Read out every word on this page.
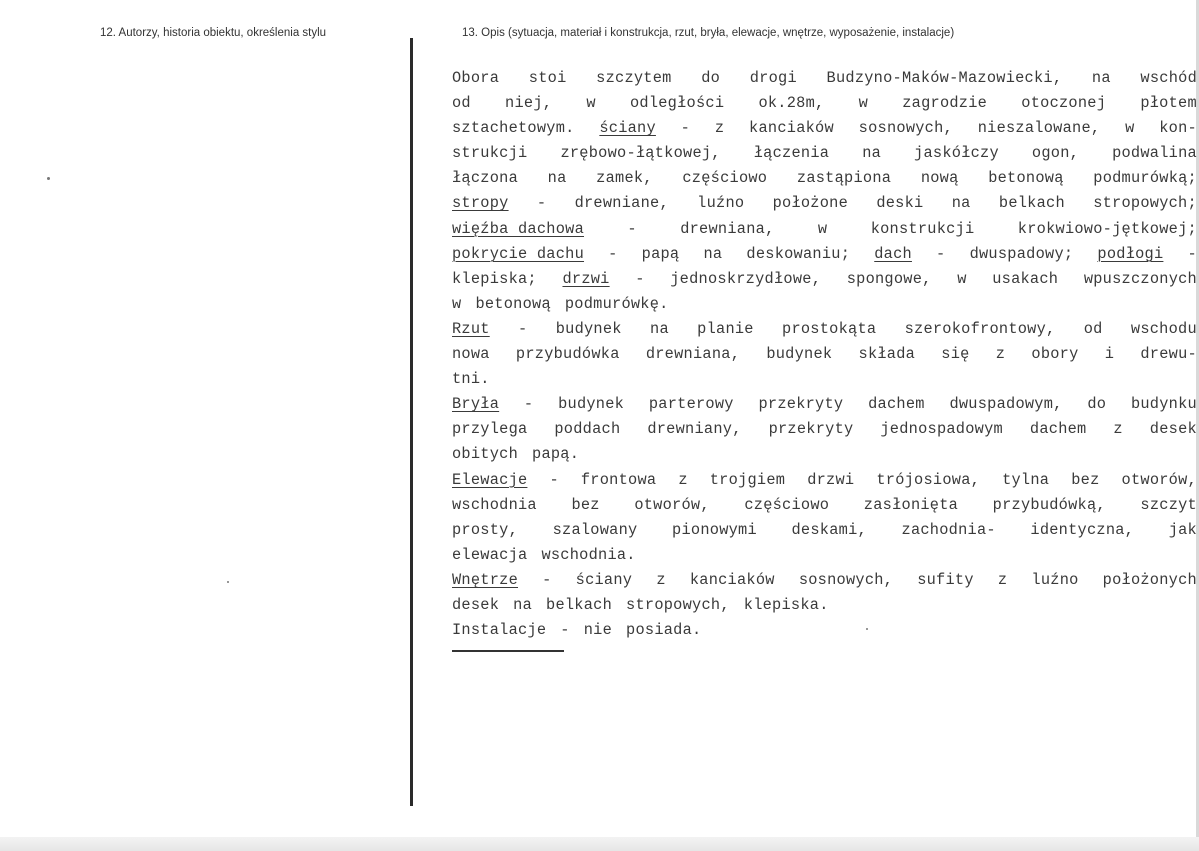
12. Autorzy, historia obiektu, określenia stylu	13. Opis (sytuacja, materiał i konstrukcja, rzut, bryła, elewacje, wnętrze, wyposażenie, instalacje)
Obora stoi szczytem do drogi Budzyno-Maków-Mazowiecki, na wschód
od niej, w odległości ok.28m, w zagrodzie otoczonej płotem
sztachetowym. ściany - z kanciaków sosnowych, nieszalowane, w kon-
strukcji zrębowo-łątkowej, łączenia na jaskółczy ogon, podwalina
łączona na zamek, częściowo zastąpiona nową betonową podmurówką;
stropy - drewniane, luźno położone deski na belkach stropowych;
więźba dachowa	-	drewniana,	w	konstrukcji	krokwiowo-jętkowej;
pokrycie dachu - papą na deskowaniu; dach - dwuspadowy; podłogi -
klepiska; drzwi - jednoskrzydłowe, spongowe, w usakach wpuszczonych
w betonową podmurówkę.
Rzut - budynek na planie prostokąta szerokofrontowy, od wschodu
nowa przybudówka drewniana, budynek składa się z obory i drewu-
tni.
Bryła - budynek parterowy przekryty dachem dwuspadowym, do budynku
przylega poddach drewniany, przekryty jednospadowym dachem z desek
obitych papą.
Elewacje - frontowa z trojgiem drzwi trójosiowa, tylna bez otworów,
wschodnia bez otworów, częściowo zasłonięta przybudówką, szczyt
prosty, szalowany pionowymi deskami, zachodnia- identyczna, jak
elewacja wschodnia.
Wnętrze - ściany z kanciaków sosnowych, sufity z luźno położonych
desek na belkach stropowych, klepiska.
Instalacje - nie posiada.
